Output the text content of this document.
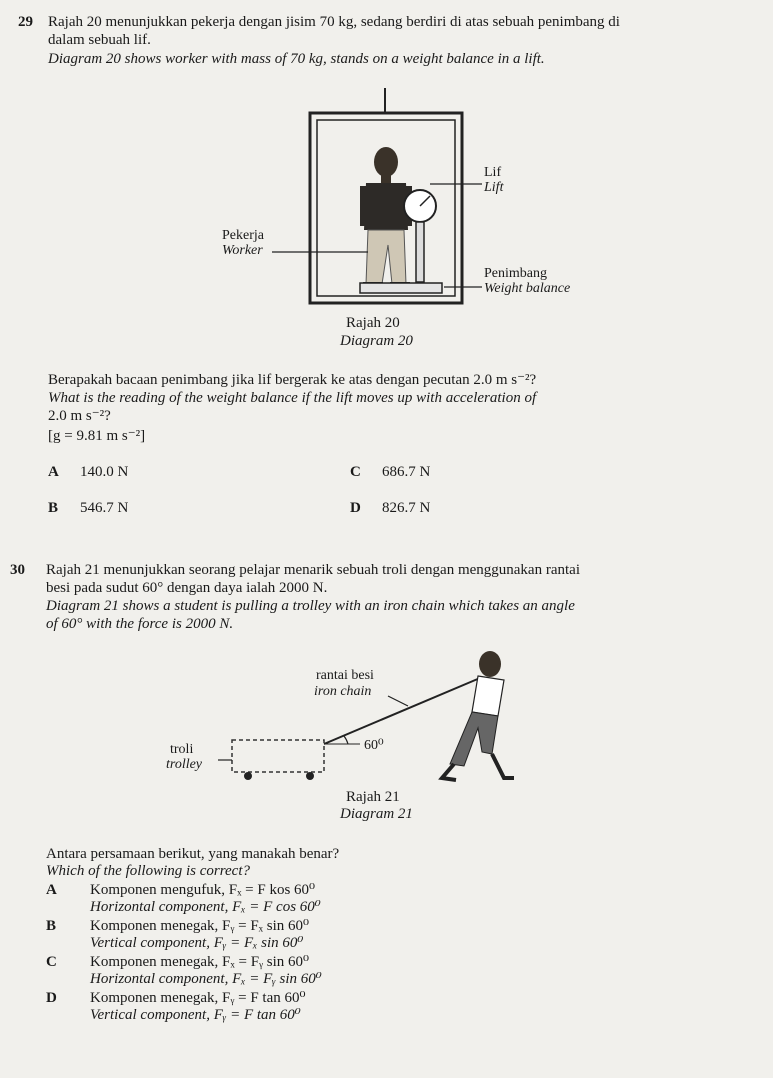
29 Rajah 20 menunjukkan pekerja dengan jisim 70 kg, sedang berdiri di atas sebuah penimbang di
dalam sebuah lif.
Diagram 20 shows worker with mass of 70 kg, stands on a weight balance in a lift.
Lif
Lift
Pekerja
Worker
Penimbang
Weight balance
Rajah 20
Diagram 20
Berapakah bacaan penimbang jika lif bergerak ke atas dengan pecutan 2.0 m s⁻²?
What is the reading of the weight balance if the lift moves up with acceleration of
2.0 m s⁻²?
[g = 9.81 m s⁻²]
A 140.0 N
B 546.7 N
C 686.7 N
D 826.7 N
30 Rajah 21 menunjukkan seorang pelajar menarik sebuah troli dengan menggunakan rantai
besi pada sudut 60° dengan daya ialah 2000 N.
Diagram 21 shows a student is pulling a trolley with an iron chain which takes an angle
of 60° with the force is 2000 N.
rantai besi
iron chain
troli
trolley
60⁰
Rajah 21
Diagram 21
Antara persamaan berikut, yang manakah benar?
Which of the following is correct?
A Komponen mengufuk, Fₓ = F kos 60⁰
Horizontal component, Fₓ = F cos 60⁰
B Komponen menegak, Fᵧ = Fₓ sin 60⁰
Vertical component, Fᵧ = Fₓ sin 60⁰
C Komponen menegak, Fₓ = Fᵧ sin 60⁰
Horizontal component, Fₓ = Fᵧ sin 60⁰
D Komponen menegak, Fᵧ = F tan 60⁰
Vertical component, Fᵧ = F tan 60⁰
